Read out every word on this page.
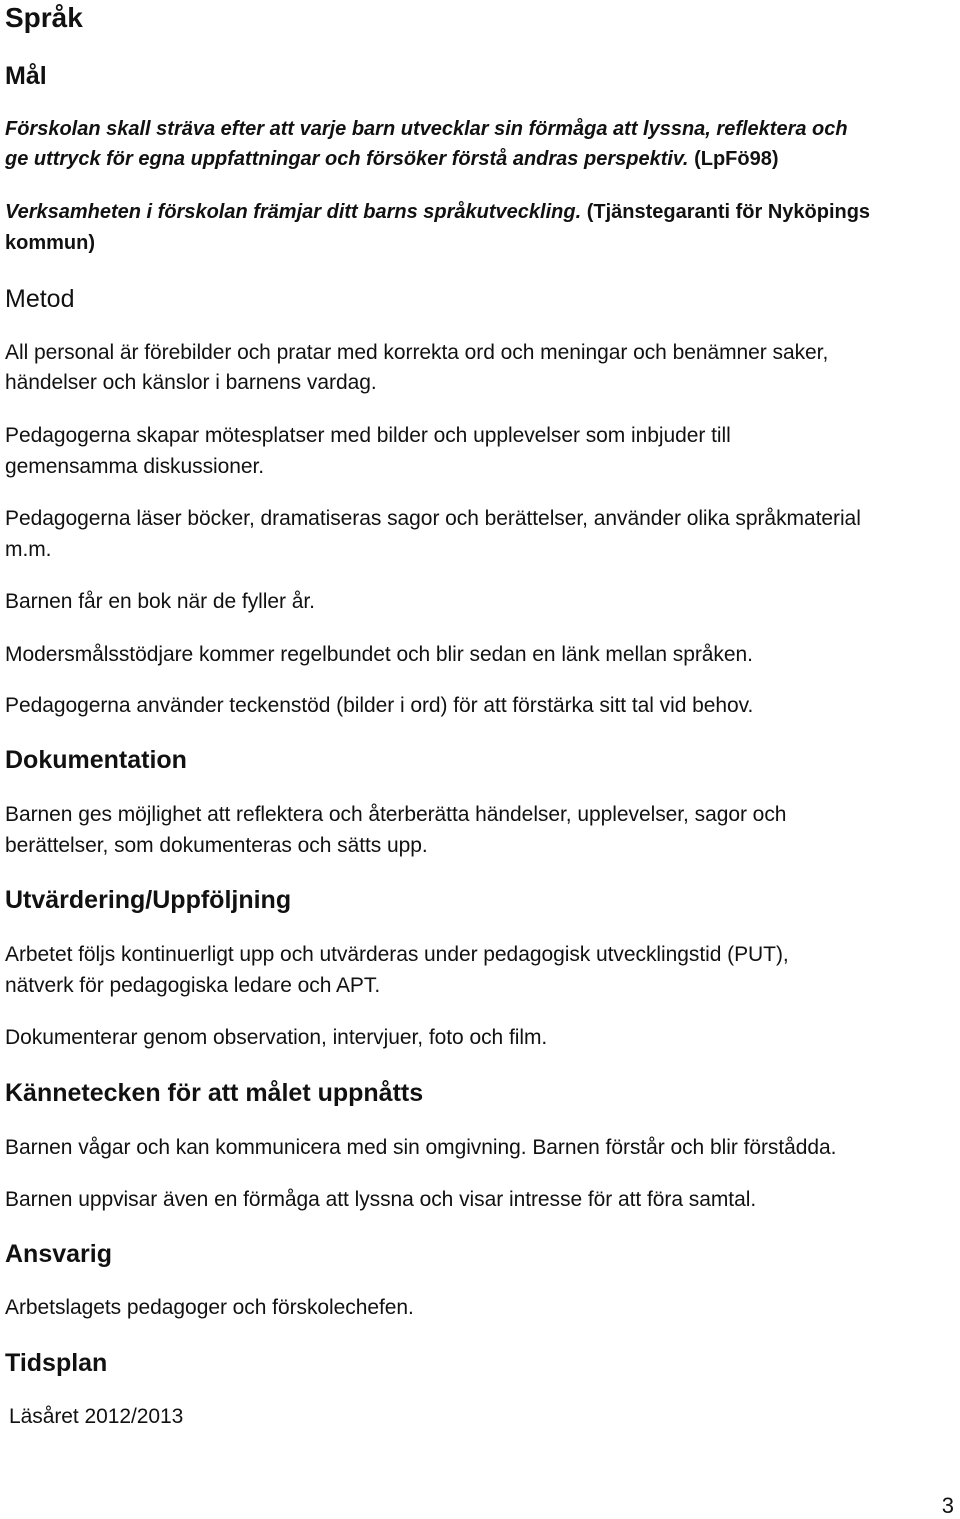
Språk
Mål
Förskolan skall sträva efter att varje barn utvecklar sin förmåga att lyssna, reflektera och
ge uttryck för egna uppfattningar och försöker förstå andras perspektiv. (LpFö98)
Verksamheten i förskolan främjar ditt barns språkutveckling. (Tjänstegaranti för Nyköpings
kommun)
Metod
All personal är förebilder och pratar med korrekta ord och meningar och benämner saker,
händelser och känslor i barnens vardag.
Pedagogerna skapar mötesplatser med bilder och upplevelser som inbjuder till
gemensamma diskussioner.
Pedagogerna läser böcker, dramatiseras sagor och berättelser, använder olika språkmaterial
m.m.
Barnen får en bok när de fyller år.
Modersmålsstödjare kommer regelbundet och blir sedan en länk mellan språken.
Pedagogerna använder teckenstöd (bilder i ord) för att förstärka sitt tal vid behov.
Dokumentation
Barnen ges möjlighet att reflektera och återberätta händelser, upplevelser, sagor och
berättelser, som dokumenteras och sätts upp.
Utvärdering/Uppföljning
Arbetet följs kontinuerligt upp och utvärderas under pedagogisk utvecklingstid (PUT),
nätverk för pedagogiska ledare och APT.
Dokumenterar genom observation, intervjuer, foto och film.
Kännetecken för att målet uppnåtts
Barnen vågar och kan kommunicera med sin omgivning. Barnen förstår och blir förstådda.
Barnen uppvisar även en förmåga att lyssna och visar intresse för att föra samtal.
Ansvarig
Arbetslagets pedagoger och förskolechefen.
Tidsplan
Läsåret 2012/2013
3
